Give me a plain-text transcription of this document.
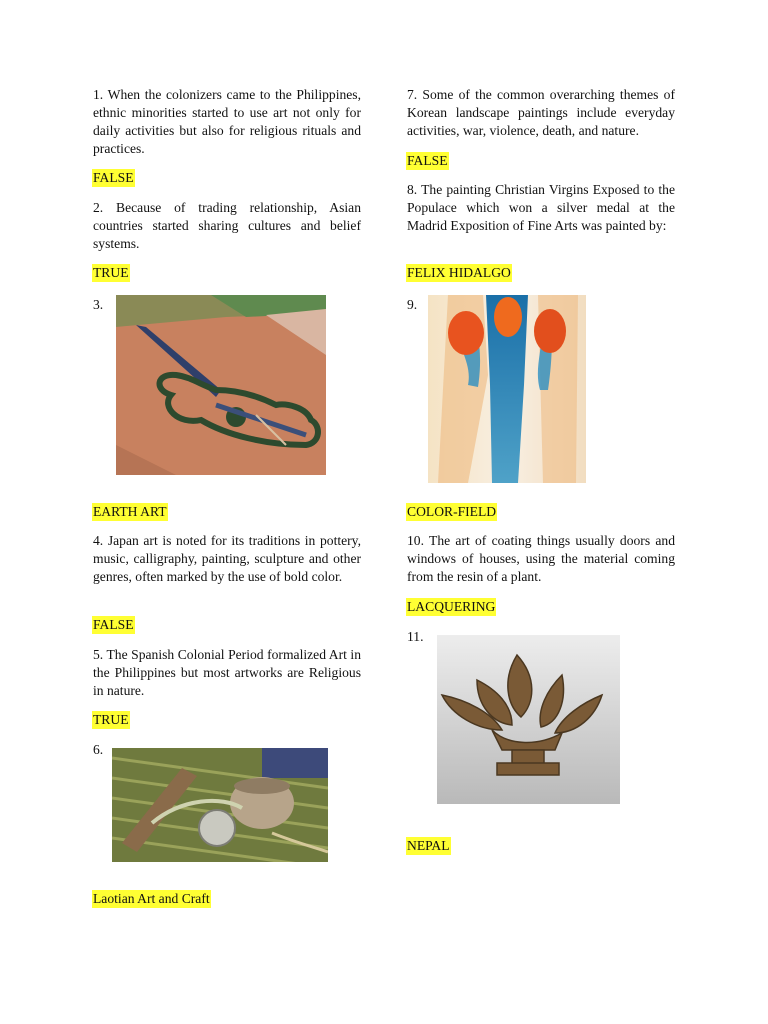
1. When the colonizers came to the Philippines, ethnic minorities started to use art not only for daily activities but also for religious rituals and practices.

FALSE

2. Because of trading relationship, Asian countries started sharing cultures and belief systems.

TRUE
3.
EARTH ART

4. Japan art is noted for its traditions in pottery, music, calligraphy, painting, sculpture and other genres, often marked by the use of bold color.

FALSE

5. The Spanish Colonial Period formalized Art in the Philippines but most artworks are Religious in nature.

TRUE
6.
Laotian Art and Craft

7. Some of the common overarching themes of Korean landscape paintings include everyday activities, war, violence, death, and nature.

FALSE

8. The painting Christian Virgins Exposed to the Populace which won a silver medal at the Madrid Exposition of Fine Arts was painted by:

FELIX HIDALGO
9.
COLOR-FIELD

10. The art of coating things usually doors and windows of houses, using the material coming from the resin of a plant.

LACQUERING
11.
NEPAL
